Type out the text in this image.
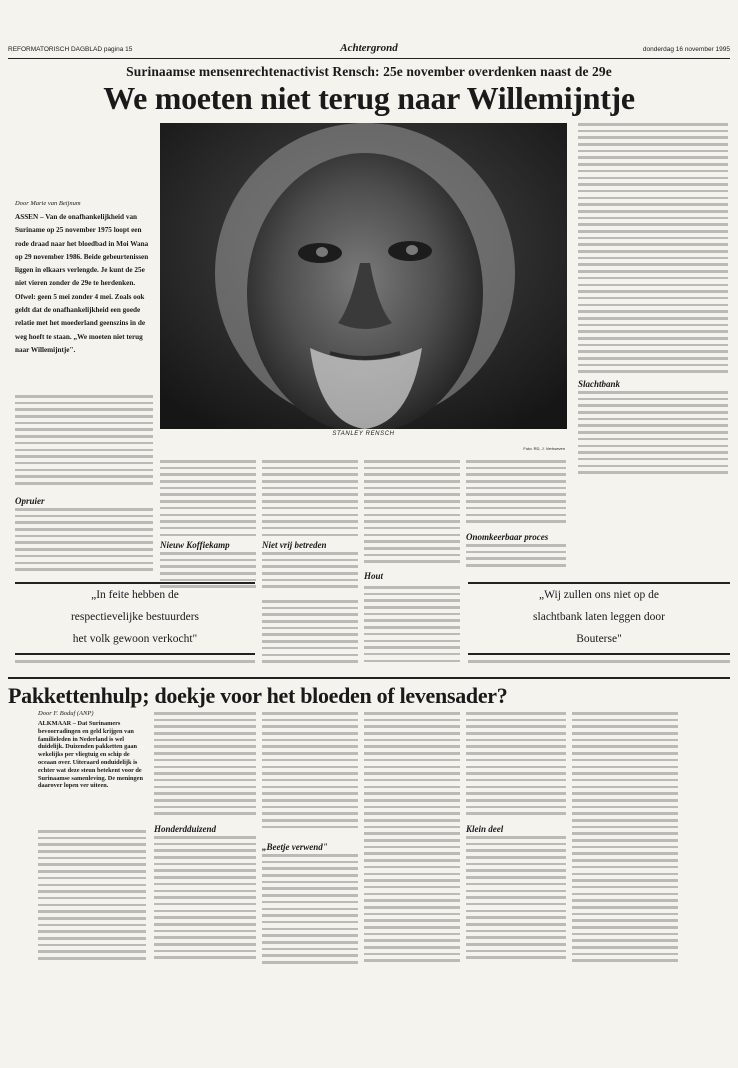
REFORMATORISCH DAGBLAD pagina 15	Achtergrond	donderdag 16 november 1995
Surinaamse mensenrechtenactivist Rensch: 25e november overdenken naast de 29e
We moeten niet terug naar Willemijntje
STANLEY RENSCH
Foto: RD, J. Verhoeven
Door Marie van Beijnum
ASSEN – Van de onafhankelijkheid van Suriname op 25 november 1975 loopt een rode draad naar het bloedbad in Moi Wana op 29 november 1986. Beide gebeurtenissen liggen in elkaars verlengde. Je kunt de 25e niet vieren zonder de 29e te herdenken. Ofwel: geen 5 mei zonder 4 mei. Zoals ook geldt dat de onafhankelijkheid een goede relatie met het moederland geenszins in de weg hoeft te staan. „We moeten niet terug naar Willemijntje".
Opruier
Slachtbank
Nieuw Koffiekamp	Niet vrij betreden
Hout
Onomkeerbaar proces
„In feite hebben de
respectievelijke bestuurders
het volk gewoon verkocht"
„Wij zullen ons niet op de
slachtbank laten leggen door
Bouterse"
Pakkettenhulp; doekje voor het bloeden of levensader?
Door F. Boduf (ANP)
ALKMAAR – Dat Surinamers bevoorradingen en geld krijgen van familieleden in Nederland is wel duidelijk. Duizenden pakketten gaan wekelijks per vliegtuig en schip de oceaan over. Uiteraard onduidelijk is echter wat deze steun betekent voor de Surinaamse samenleving. De meningen daarover lopen ver uiteen.
Honderdduizend
„Beetje verwend"
Klein deel
